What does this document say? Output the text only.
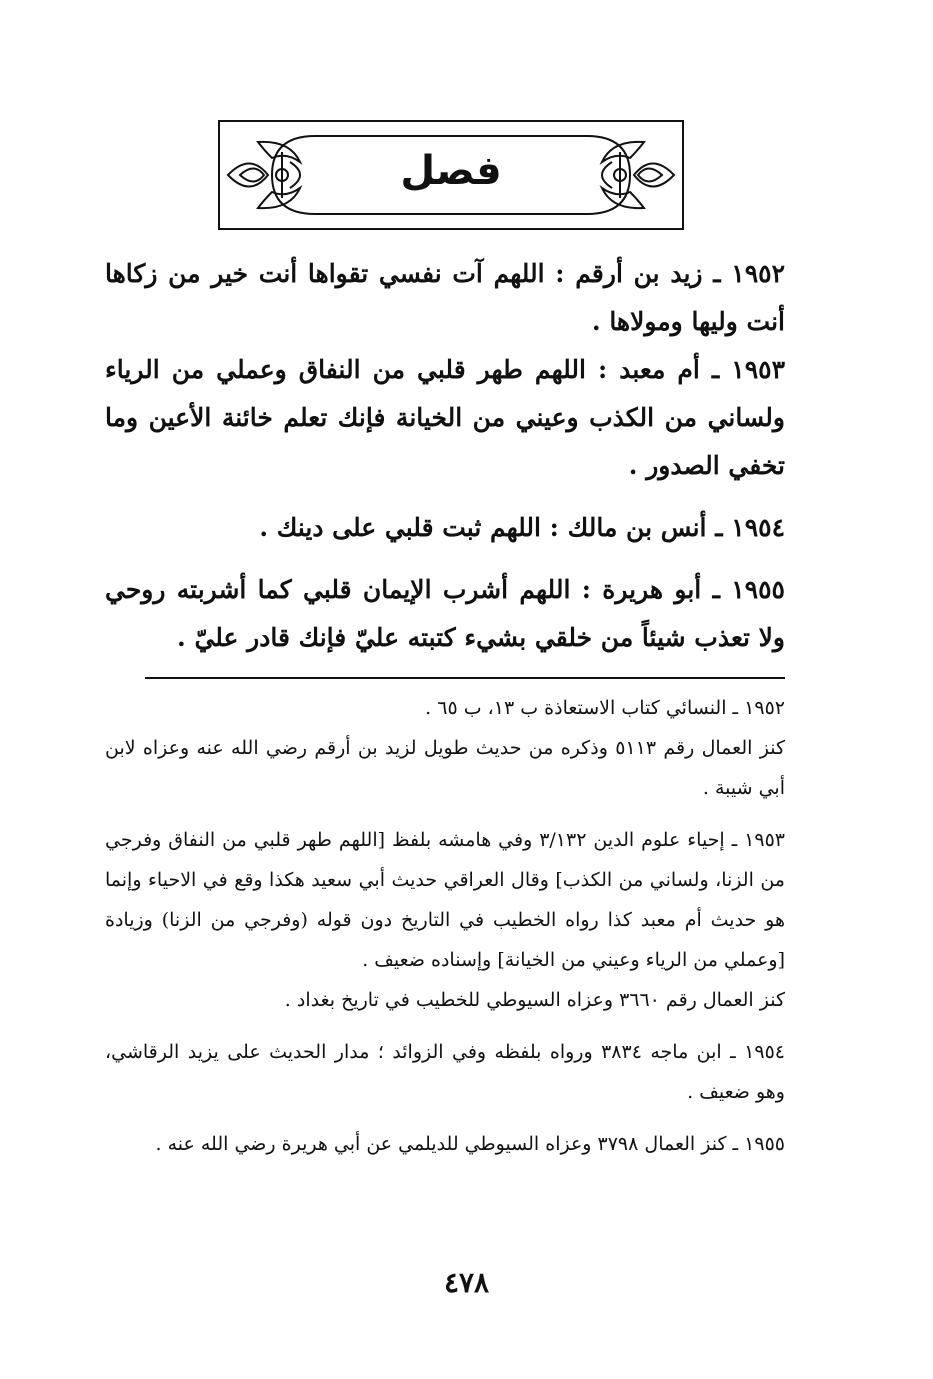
فصل

١٩٥٢ ـ زيد بن أرقم : اللهم آت نفسي تقواها أنت خير من زكاها أنت وليها ومولاها .

١٩٥٣ ـ أم معبد : اللهم طهر قلبي من النفاق وعملي من الرياء ولساني من الكذب وعيني من الخيانة فإنك تعلم خائنة الأعين وما تخفي الصدور .

١٩٥٤ ـ أنس بن مالك : اللهم ثبت قلبي على دينك .

١٩٥٥ ـ أبو هريرة : اللهم أشرب الإيمان قلبي كما أشربته روحي ولا تعذب شيئاً من خلقي بشيء كتبته عليّ فإنك قادر عليّ .

١٩٥٢ ـ النسائي كتاب الاستعاذة ب ١٣، ب ٦٥ .

كنز العمال رقم ٥١١٣ وذكره من حديث طويل لزيد بن أرقم رضي الله عنه وعزاه لابن أبي شيبة .

١٩٥٣ ـ إحياء علوم الدين ٣/١٣٢ وفي هامشه بلفظ [اللهم طهر قلبي من النفاق وفرجي من الزنا، ولساني من الكذب] وقال العراقي حديث أبي سعيد هكذا وقع في الاحياء وإنما هو حديث أم معبد كذا رواه الخطيب في التاريخ دون قوله (وفرجي من الزنا) وزيادة [وعملي من الرياء وعيني من الخيانة] وإسناده ضعيف .

كنز العمال رقم ٣٦٦٠ وعزاه السيوطي للخطيب في تاريخ بغداد .

١٩٥٤ ـ ابن ماجه ٣٨٣٤ ورواه بلفظه وفي الزوائد ؛ مدار الحديث على يزيد الرقاشي، وهو ضعيف .

١٩٥٥ ـ كنز العمال ٣٧٩٨ وعزاه السيوطي للديلمي عن أبي هريرة رضي الله عنه .

٤٧٨
